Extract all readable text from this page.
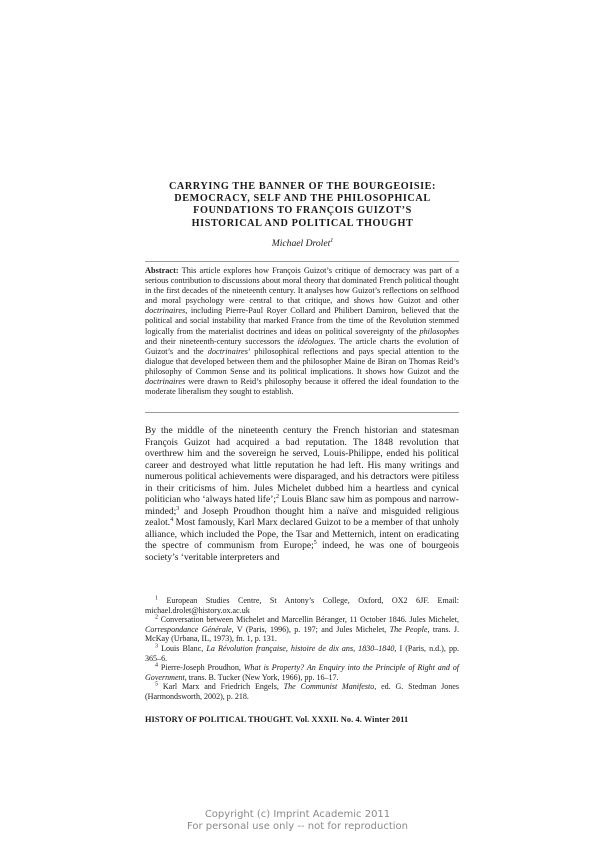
CARRYING THE BANNER OF THE BOURGEOISIE:
DEMOCRACY, SELF AND THE PHILOSOPHICAL
FOUNDATIONS TO FRANÇOIS GUIZOT’S
HISTORICAL AND POLITICAL THOUGHT
Michael Drolet$^1$
Abstract: This article explores how François Guizot’s critique of democracy was part of a serious contribution to discussions about moral theory that dominated French political thought in the first decades of the nineteenth century. It analyses how Guizot’s reflections on selfhood and moral psychology were central to that critique, and shows how Guizot and other doctrinaires, including Pierre-Paul Royer Collard and Philibert Damiron, believed that the political and social instability that marked France from the time of the Revolution stemmed logically from the materialist doctrines and ideas on political sovereignty of the philosophes and their nineteenth-century successors the idéologues. The article charts the evolution of Guizot’s and the doctrinaires’ philosophical reflections and pays special attention to the dialogue that developed between them and the philosopher Maine de Biran on Thomas Reid’s philosophy of Common Sense and its political implications. It shows how Guizot and the doctrinaires were drawn to Reid’s philosophy because it offered the ideal foundation to the moderate liberalism they sought to establish.
By the middle of the nineteenth century the French historian and statesman François Guizot had acquired a bad reputation. The 1848 revolution that overthrew him and the sovereign he served, Louis-Philippe, ended his political career and destroyed what little reputation he had left. His many writings and numerous political achievements were disparaged, and his detractors were pitiless in their criticisms of him. Jules Michelet dubbed him a heartless and cynical politician who ‘always hated life’;$^2$ Louis Blanc saw him as pompous and narrow-minded;$^3$ and Joseph Proudhon thought him a naïve and misguided religious zealot.$^4$ Most famously, Karl Marx declared Guizot to be a member of that unholy alliance, which included the Pope, the Tsar and Metternich, intent on eradicating the spectre of communism from Europe;$^5$ indeed, he was one of bourgeois society’s ‘veritable interpreters and

$^1$ European Studies Centre, St Antony’s College, Oxford, OX2 6JF. Email: michael.drolet@history.ox.ac.uk

$^2$ Conversation between Michelet and Marcellin Béranger, 11 October 1846. Jules Michelet, Correspondance Générale, V (Paris, 1996), p. 197; and Jules Michelet, The People, trans. J. McKay (Urbana, IL, 1973), fn. 1, p. 131.

$^3$ Louis Blanc, La Révolution française, histoire de dix ans, 1830–1840, I (Paris, n.d.), pp. 365–6.

$^4$ Pierre-Joseph Proudhon, What is Property? An Enquiry into the Principle of Right and of Government, trans. B. Tucker (New York, 1966), pp. 16–17.

$^5$ Karl Marx and Friedrich Engels, The Communist Manifesto, ed. G. Stedman Jones (Harmondsworth, 2002), p. 218.

HISTORY OF POLITICAL THOUGHT. Vol. XXXII. No. 4. Winter 2011
Copyright (c) Imprint Academic 2011
For personal use only -- not for reproduction
